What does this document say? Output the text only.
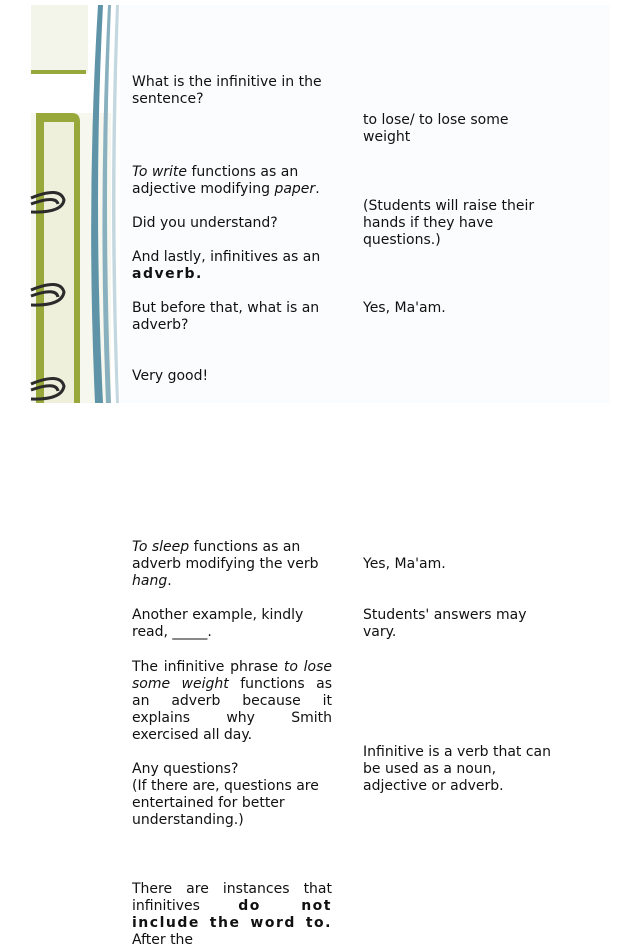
What is the infinitive in the sentence?

To write functions as an adjective modifying paper.

Did you understand?

And lastly, infinitives as an adverb.

But before that, what is an adverb?

Very good!

To sleep functions as an adverb modifying the verb hang.

Another example, kindly read, _____.

The infinitive phrase to lose some weight functions as an adverb because it explains why Smith exercised all day.

Any questions?
(If there are, questions are entertained for better understanding.)

There are instances that infinitives do not include the word to. After the

to lose/ to lose some weight

(Students will raise their hands if they have questions.)

Yes, Ma'am.

Yes, Ma'am.

Students' answers may vary.

Infinitive is a verb that can be used as a noun, adjective or adverb.
